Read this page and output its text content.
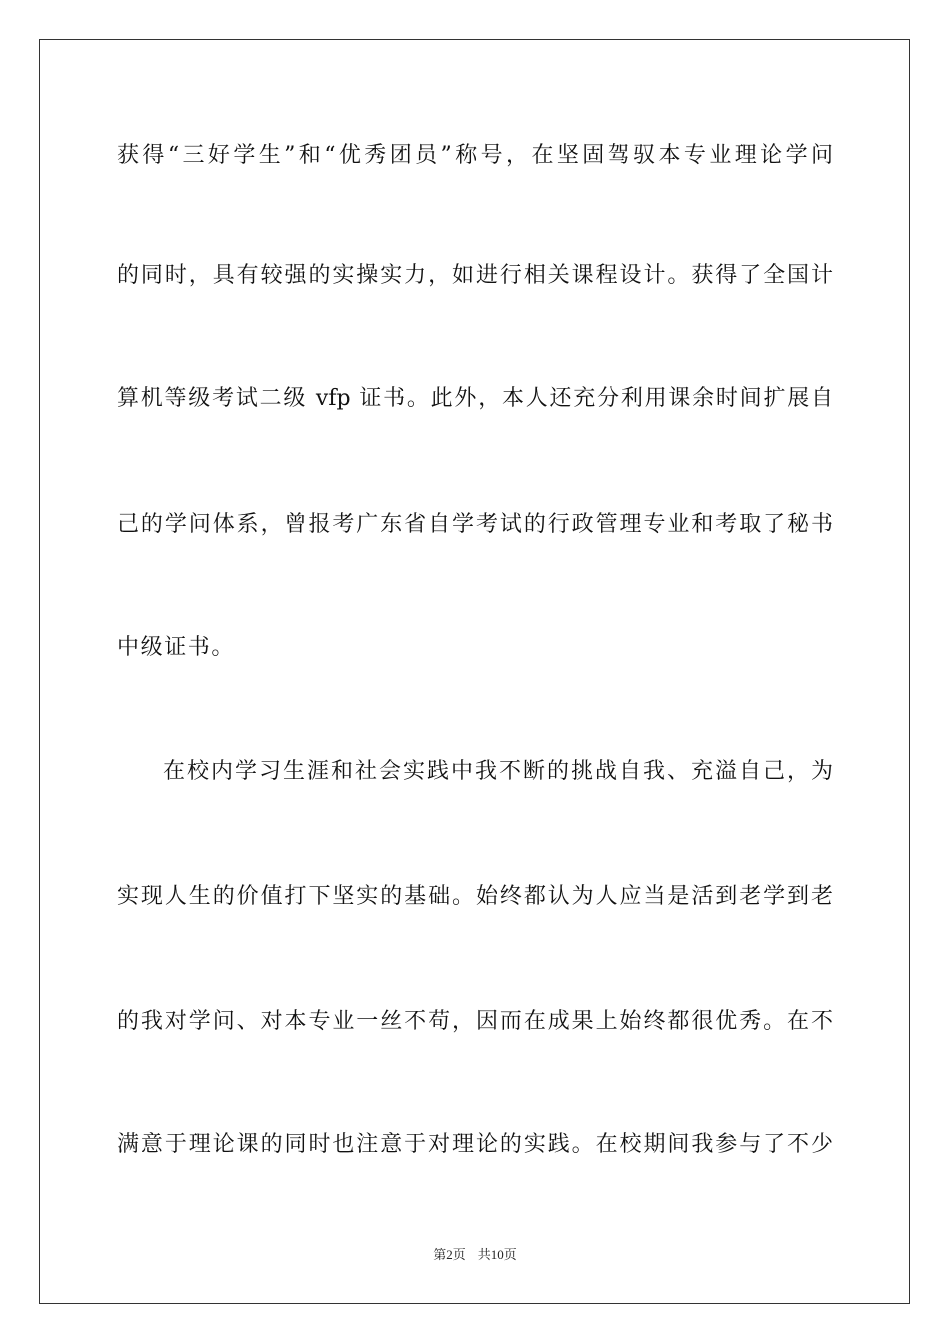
获得“三好学生”和“优秀团员”称号，在坚固驾驭本专业理论学问
的同时，具有较强的实操实力，如进行相关课程设计。获得了全国计
算机等级考试二级 vfp 证书。此外，本人还充分利用课余时间扩展自
己的学问体系，曾报考广东省自学考试的行政管理专业和考取了秘书
中级证书。
在校内学习生涯和社会实践中我不断的挑战自我、充溢自己，为
实现人生的价值打下坚实的基础。始终都认为人应当是活到老学到老
的我对学问、对本专业一丝不苟，因而在成果上始终都很优秀。在不
满意于理论课的同时也注意于对理论的实践。在校期间我参与了不少
第2页 共10页
